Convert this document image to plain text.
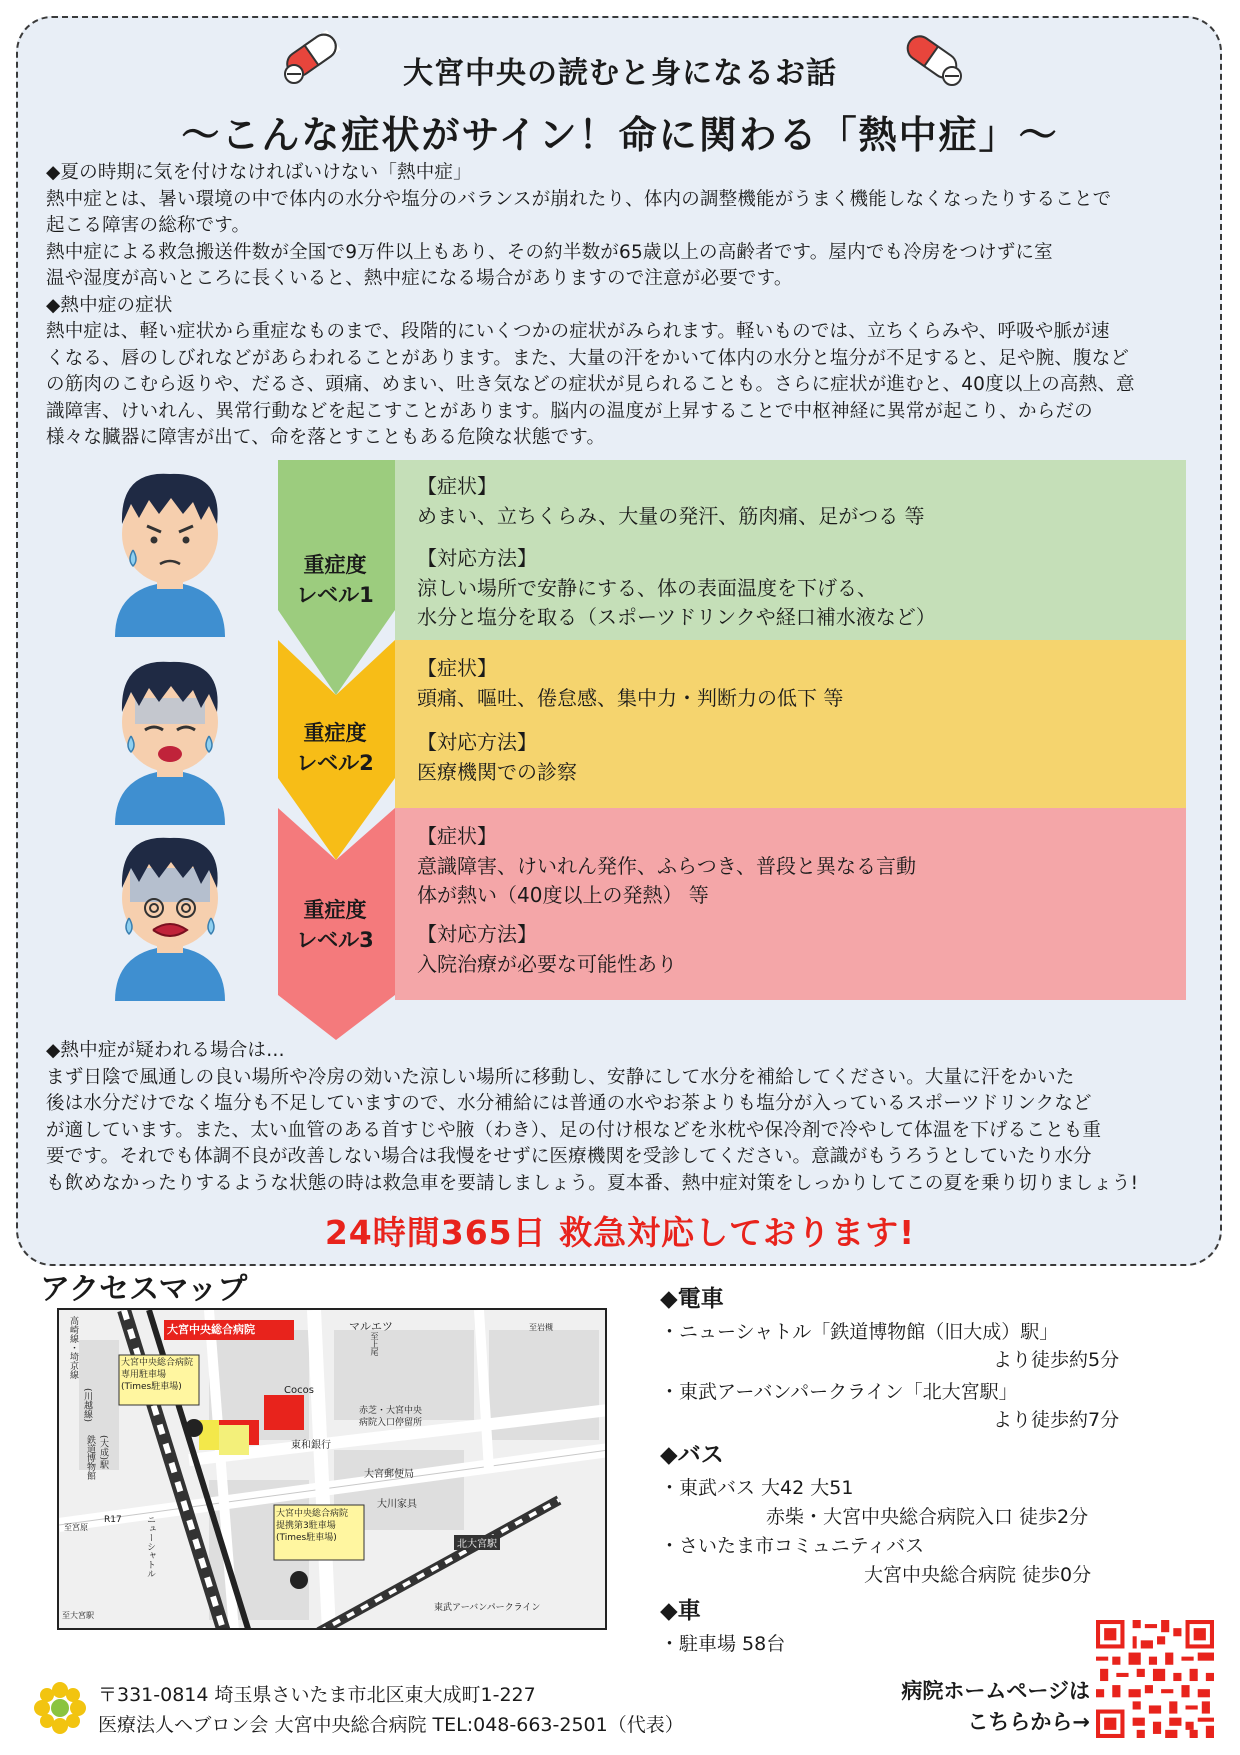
大宮中央の読むと身になるお話
～こんな症状がサイン！命に関わる「熱中症」～

◆夏の時期に気を付けなければいけない「熱中症」

熱中症とは、暑い環境の中で体内の水分や塩分のバランスが崩れたり、体内の調整機能がうまく機能しなくなったりすることで

起こる障害の総称です。

熱中症による救急搬送件数が全国で9万件以上もあり、その約半数が65歳以上の高齢者です。屋内でも冷房をつけずに室

温や湿度が高いところに長くいると、熱中症になる場合がありますので注意が必要です。

◆熱中症の症状

熱中症は、軽い症状から重症なものまで、段階的にいくつかの症状がみられます。軽いものでは、立ちくらみや、呼吸や脈が速

くなる、唇のしびれなどがあらわれることがあります。また、大量の汗をかいて体内の水分と塩分が不足すると、足や腕、腹など

の筋肉のこむら返りや、だるさ、頭痛、めまい、吐き気などの症状が見られることも。さらに症状が進むと、40度以上の高熱、意

識障害、けいれん、異常行動などを起こすことがあります。脳内の温度が上昇することで中枢神経に異常が起こり、からだの

様々な臓器に障害が出て、命を落とすこともある危険な状態です。

【症状】
めまい、立ちくらみ、大量の発汗、筋肉痛、足がつる 等
【対応方法】
涼しい場所で安静にする、体の表面温度を下げる、
水分と塩分を取る（スポーツドリンクや経口補水液など）
【症状】
頭痛、嘔吐、倦怠感、集中力・判断力の低下 等
【対応方法】
医療機関での診察
【症状】
意識障害、けいれん発作、ふらつき、普段と異なる言動
体が熱い（40度以上の発熱） 等
【対応方法】
入院治療が必要な可能性あり
重症度
レベル1
重症度
レベル2
重症度
レベル3

◆熱中症が疑われる場合は…

まず日陰で風通しの良い場所や冷房の効いた涼しい場所に移動し、安静にして水分を補給してください。大量に汗をかいた

後は水分だけでなく塩分も不足していますので、水分補給には普通の水やお茶よりも塩分が入っているスポーツドリンクなど

が適しています。また、太い血管のある首すじや腋（わき）、足の付け根などを氷枕や保冷剤で冷やして体温を下げることも重

要です。それでも体調不良が改善しない場合は我慢をせずに医療機関を受診してください。意識がもうろうとしていたり水分

も飲めなかったりするような状態の時は救急車を要請しましょう。夏本番、熱中症対策をしっかりしてこの夏を乗り切りましょう!

24時間365日 救急対応しております!
アクセスマップ
大宮中央総合病院	マルエツ
Cocos
東和銀行
大宮郵便局
大川家具
大宮中央総合病院
専用駐車場
(Times駐車場)
大宮中央総合病院
提携第3駐車場
(Times駐車場)
赤芝・大宮中央
病院入口停留所
北大宮駅
東武アーバンパークライン
ニューシャトル
高崎線・埼京線
(川越線)
鉄道博物館 (大成)駅
R17
至宮原
至岩槻
至上尾
至大宮駅
◆電車
・ニューシャトル「鉄道博物館（旧大成）駅」
より徒歩約5分
・東武アーバンパークライン「北大宮駅」
より徒歩約7分
◆バス
・東武バス 大42 大51
赤柴・大宮中央総合病院入口 徒歩2分
・さいたま市コミュニティバス
大宮中央総合病院 徒歩0分
◆車
・駐車場 58台
〒331-0814 埼玉県さいたま市北区東大成町1-227
医療法人ヘブロン会 大宮中央総合病院 TEL:048-663-2501（代表）
病院ホームページは
こちらから→
